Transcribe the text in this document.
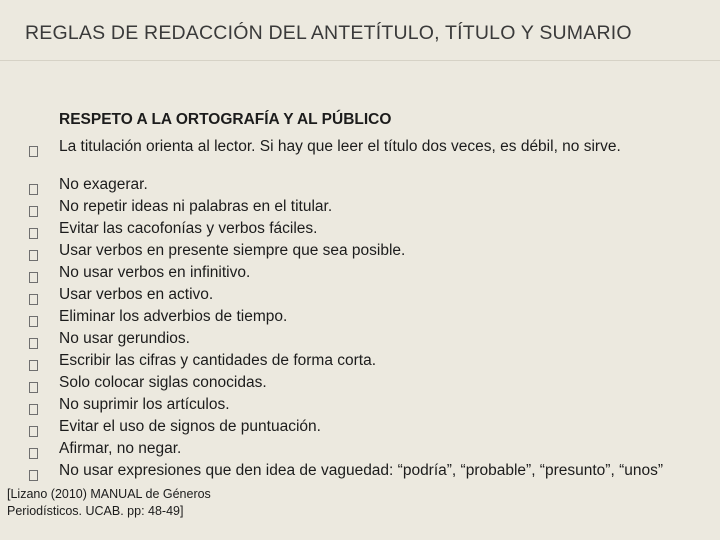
REGLAS DE REDACCIÓN DEL ANTETÍTULO, TÍTULO Y SUMARIO
RESPETO A LA ORTOGRAFÍA Y AL PÚBLICO
La titulación orienta al lector. Si hay que leer el título dos veces, es débil, no sirve.
No exagerar.
No repetir ideas ni palabras en el titular.
Evitar las cacofonías y verbos fáciles.
Usar verbos en presente siempre que sea posible.
No usar verbos en infinitivo.
Usar verbos en activo.
Eliminar los adverbios de tiempo.
No usar gerundios.
Escribir las cifras y cantidades de forma corta.
Solo colocar siglas conocidas.
No suprimir los artículos.
Evitar el uso de signos de puntuación.
Afirmar, no negar.
No usar expresiones que den idea de vaguedad: “podría”, “probable”, “presunto”, “unos”
[Lizano (2010) MANUAL de Géneros Periodísticos. UCAB. pp: 48-49]
